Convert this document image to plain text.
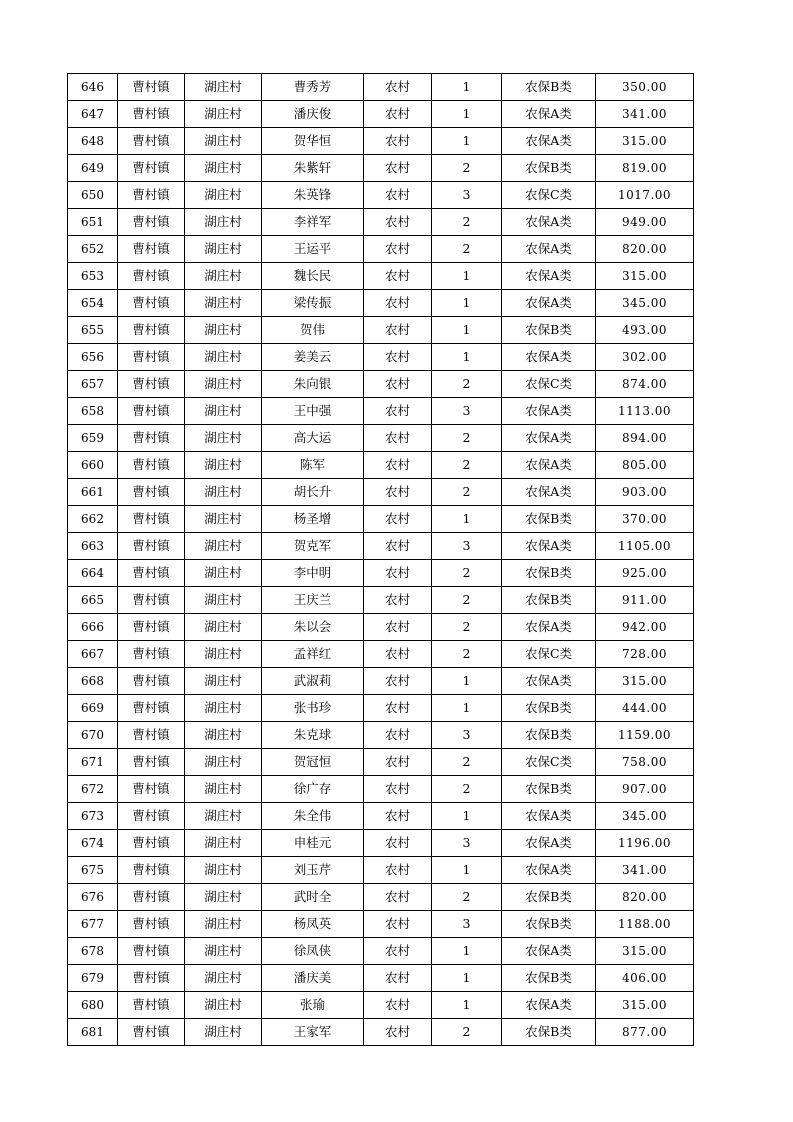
646	曹村镇	湖庄村	曹秀芳	农村	1	农保B类	350.00
647	曹村镇	湖庄村	潘庆俊	农村	1	农保A类	341.00
648	曹村镇	湖庄村	贺华恒	农村	1	农保A类	315.00
649	曹村镇	湖庄村	朱紫轩	农村	2	农保B类	819.00
650	曹村镇	湖庄村	朱英锋	农村	3	农保C类	1017.00
651	曹村镇	湖庄村	李祥军	农村	2	农保A类	949.00
652	曹村镇	湖庄村	王运平	农村	2	农保A类	820.00
653	曹村镇	湖庄村	魏长民	农村	1	农保A类	315.00
654	曹村镇	湖庄村	梁传振	农村	1	农保A类	345.00
655	曹村镇	湖庄村	贺伟	农村	1	农保B类	493.00
656	曹村镇	湖庄村	姜美云	农村	1	农保A类	302.00
657	曹村镇	湖庄村	朱向银	农村	2	农保C类	874.00
658	曹村镇	湖庄村	王中强	农村	3	农保A类	1113.00
659	曹村镇	湖庄村	高大运	农村	2	农保A类	894.00
660	曹村镇	湖庄村	陈军	农村	2	农保A类	805.00
661	曹村镇	湖庄村	胡长升	农村	2	农保A类	903.00
662	曹村镇	湖庄村	杨圣增	农村	1	农保B类	370.00
663	曹村镇	湖庄村	贺克军	农村	3	农保A类	1105.00
664	曹村镇	湖庄村	李中明	农村	2	农保B类	925.00
665	曹村镇	湖庄村	王庆兰	农村	2	农保B类	911.00
666	曹村镇	湖庄村	朱以会	农村	2	农保A类	942.00
667	曹村镇	湖庄村	孟祥红	农村	2	农保C类	728.00
668	曹村镇	湖庄村	武淑莉	农村	1	农保A类	315.00
669	曹村镇	湖庄村	张书珍	农村	1	农保B类	444.00
670	曹村镇	湖庄村	朱克球	农村	3	农保B类	1159.00
671	曹村镇	湖庄村	贺冠恒	农村	2	农保C类	758.00
672	曹村镇	湖庄村	徐广存	农村	2	农保B类	907.00
673	曹村镇	湖庄村	朱全伟	农村	1	农保A类	345.00
674	曹村镇	湖庄村	申桂元	农村	3	农保A类	1196.00
675	曹村镇	湖庄村	刘玉芹	农村	1	农保A类	341.00
676	曹村镇	湖庄村	武时全	农村	2	农保B类	820.00
677	曹村镇	湖庄村	杨凤英	农村	3	农保B类	1188.00
678	曹村镇	湖庄村	徐凤侠	农村	1	农保A类	315.00
679	曹村镇	湖庄村	潘庆美	农村	1	农保B类	406.00
680	曹村镇	湖庄村	张瑜	农村	1	农保A类	315.00
681	曹村镇	湖庄村	王家军	农村	2	农保B类	877.00
